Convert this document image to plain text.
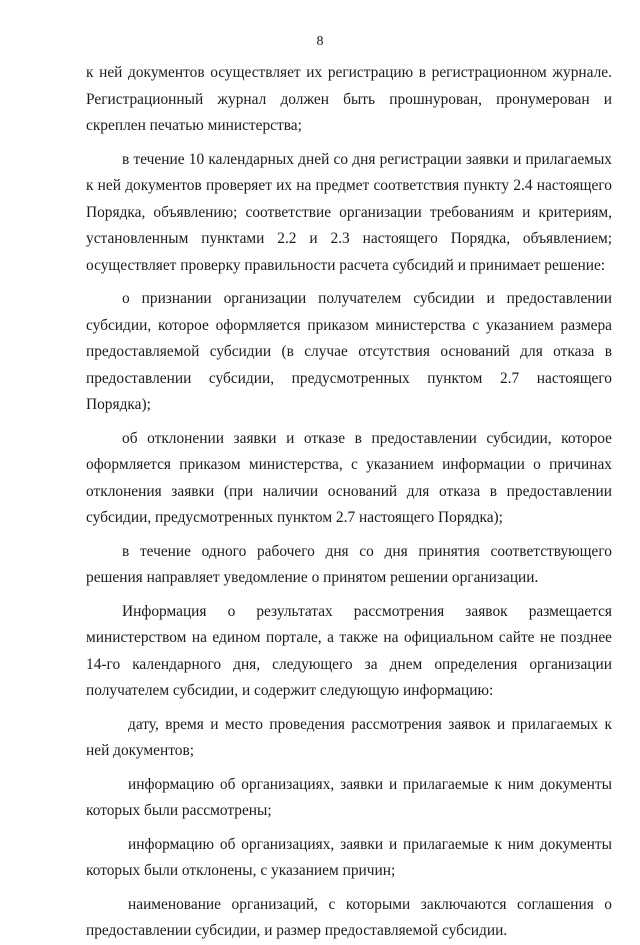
8

к ней документов осуществляет их регистрацию в регистрационном журнале. Регистрационный журнал должен быть прошнурован, пронумерован и скреплен печатью министерства;

в течение 10 календарных дней со дня регистрации заявки и прилагаемых к ней документов проверяет их на предмет соответствия пункту 2.4 настоящего Порядка, объявлению; соответствие организации требованиям и критериям, установленным пунктами 2.2 и 2.3 настоящего Порядка, объявлением; осуществляет проверку правильности расчета субсидий и принимает решение:

о признании организации получателем субсидии и предоставлении субсидии, которое оформляется приказом министерства с указанием размера предоставляемой субсидии (в случае отсутствия оснований для отказа в предоставлении субсидии, предусмотренных пунктом 2.7 настоящего Порядка);

об отклонении заявки и отказе в предоставлении субсидии, которое оформляется приказом министерства, с указанием информации о причинах отклонения заявки (при наличии оснований для отказа в предоставлении субсидии, предусмотренных пунктом 2.7 настоящего Порядка);

в течение одного рабочего дня со дня принятия соответствующего решения направляет уведомление о принятом решении организации.

Информация о результатах рассмотрения заявок размещается министерством на едином портале, а также на официальном сайте не позднее 14-го календарного дня, следующего за днем определения организации получателем субсидии, и содержит следующую информацию:

дату, время и место проведения рассмотрения заявок и прилагаемых к ней документов;

информацию об организациях, заявки и прилагаемые к ним документы которых были рассмотрены;

информацию об организациях, заявки и прилагаемые к ним документы которых были отклонены, с указанием причин;

наименование организаций, с которыми заключаются соглашения о предоставлении субсидии, и размер предоставляемой субсидии.
